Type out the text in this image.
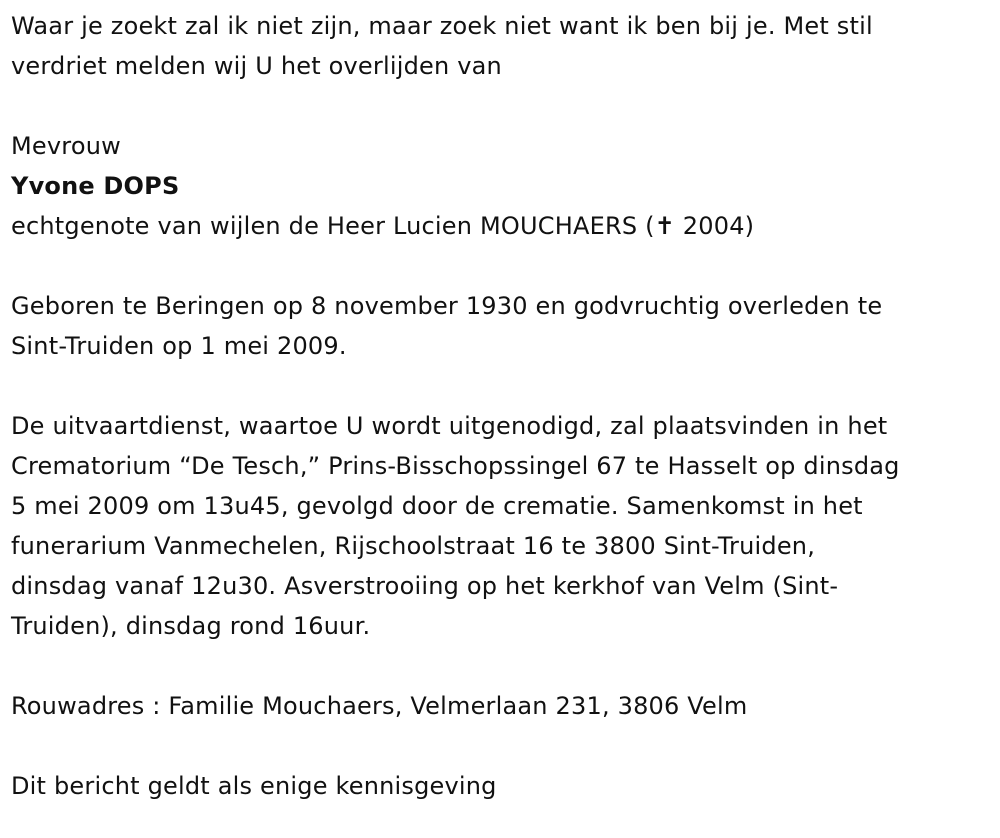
Waar je zoekt zal ik niet zijn, maar zoek niet want ik ben bij je. Met stil
verdriet melden wij U het overlijden van

Mevrouw

Yvone DOPS

echtgenote van wijlen de Heer Lucien MOUCHAERS (✝ 2004)

Geboren te Beringen op 8 november 1930 en godvruchtig overleden te
Sint-Truiden op 1 mei 2009.

De uitvaartdienst, waartoe U wordt uitgenodigd, zal plaatsvinden in het
Crematorium “De Tesch,” Prins-Bisschopssingel 67 te Hasselt op dinsdag
5 mei 2009 om 13u45, gevolgd door de crematie. Samenkomst in het
funerarium Vanmechelen, Rijschoolstraat 16 te 3800 Sint-Truiden,
dinsdag vanaf 12u30. Asverstrooiing op het kerkhof van Velm (Sint-
Truiden), dinsdag rond 16uur.

Rouwadres : Familie Mouchaers, Velmerlaan 231, 3806 Velm

Dit bericht geldt als enige kennisgeving
